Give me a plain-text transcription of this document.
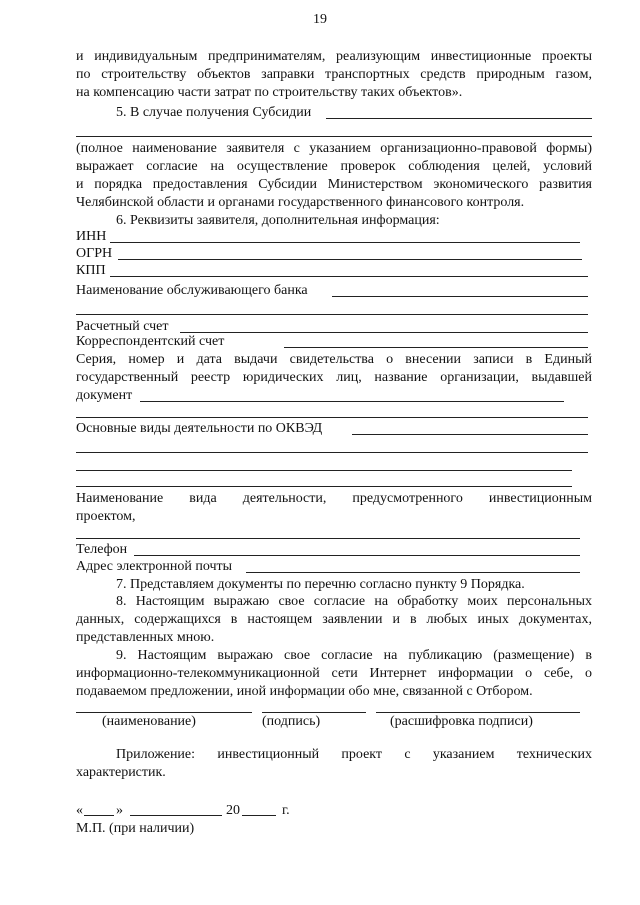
19
и индивидуальным предпринимателям, реализующим инвестиционные проекты
по строительству объектов заправки транспортных средств природным газом,
на компенсацию части затрат по строительству таких объектов».
5. В случае получения Субсидии
(полное наименование заявителя с указанием организационно-правовой формы)
выражает согласие на осуществление проверок соблюдения целей, условий
и порядка предоставления Субсидии Министерством экономического развития
Челябинской области и органами государственного финансового контроля.
6. Реквизиты заявителя, дополнительная информация:
ИНН
ОГРН
КПП
Наименование обслуживающего банка
Расчетный счет
Корреспондентский счет
Серия, номер и дата выдачи свидетельства о внесении записи в Единый
государственный реестр юридических лиц, название организации, выдавшей
документ
Основные виды деятельности по ОКВЭД
Наименование вида деятельности, предусмотренного инвестиционным
проектом,
Телефон
Адрес электронной почты
7. Представляем документы по перечню согласно пункту 9 Порядка.
8. Настоящим выражаю свое согласие на обработку моих персональных
данных, содержащихся в настоящем заявлении и в любых иных документах,
представленных мною.
9. Настоящим выражаю свое согласие на публикацию (размещение) в
информационно-телекоммуникационной сети Интернет информации о себе, о
подаваемом предложении, иной информации обо мне, связанной с Отбором.
(наименование)	(подпись)	(расшифровка подписи)
Приложение: инвестиционный проект с указанием технических
характеристик.
« »	20	г.
М.П. (при наличии)
